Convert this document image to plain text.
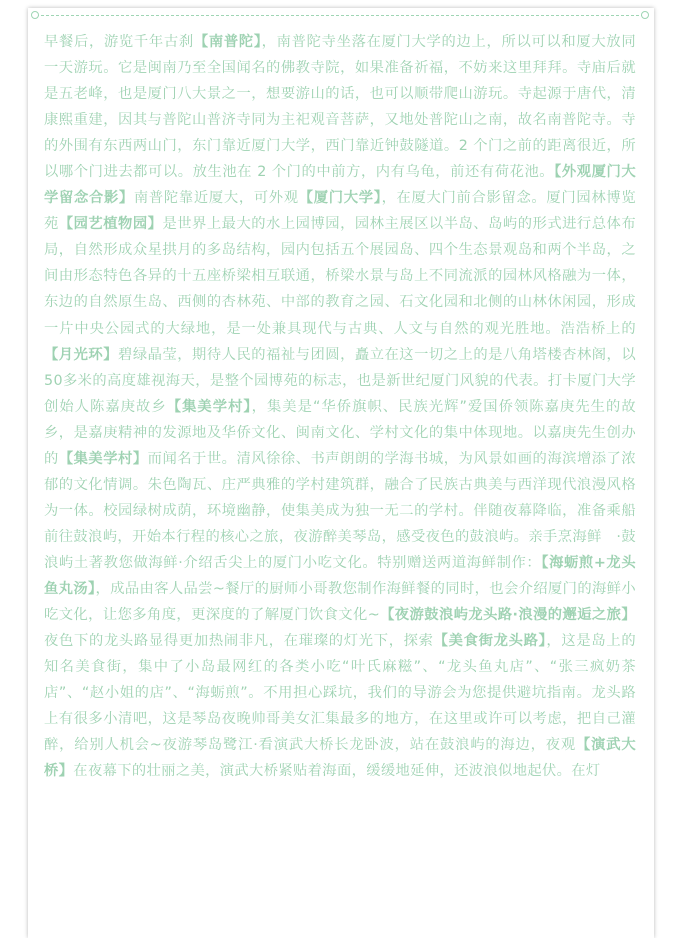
早餐后，游览千年古刹【南普陀】，南普陀寺坐落在厦门大学的边上，所以可以和厦大放同一天游玩。它是闽南乃至全国闻名的佛教寺院，如果准备祈福，不妨来这里拜拜。寺庙后就是五老峰，也是厦门八大景之一，想要游山的话，也可以顺带爬山游玩。寺起源于唐代，清康熙重建，因其与普陀山普济寺同为主祀观音菩萨，又地处普陀山之南，故名南普陀寺。寺的外围有东西两山门，东门靠近厦门大学，西门靠近钟鼓隧道。2 个门之前的距离很近，所以哪个门进去都可以。放生池在 2 个门的中前方，内有乌龟，前还有荷花池。【外观厦门大学留念合影】南普陀靠近厦大，可外观【厦门大学】，在厦大门前合影留念。厦门园林博览苑【园艺植物园】是世界上最大的水上园博园，园林主展区以半岛、岛屿的形式进行总体布局，自然形成众星拱月的多岛结构，园内包括五个展园岛、四个生态景观岛和两个半岛，之间由形态特色各异的十五座桥梁相互联通，桥梁水景与岛上不同流派的园林风格融为一体，东边的自然原生岛、西侧的杏林苑、中部的教育之园、石文化园和北侧的山林休闲园，形成一片中央公园式的大绿地，是一处兼具现代与古典、人文与自然的观光胜地。浩浩桥上的【月光环】碧绿晶莹，期待人民的福祉与团圆，矗立在这一切之上的是八角塔楼杏林阁，以50多米的高度雄视海天，是整个园博苑的标志，也是新世纪厦门风貌的代表。打卡厦门大学创始人陈嘉庚故乡【集美学村】，集美是“华侨旗帜、民族光辉”爱国侨领陈嘉庚先生的故乡，是嘉庚精神的发源地及华侨文化、闽南文化、学村文化的集中体现地。以嘉庚先生创办的【集美学村】而闻名于世。清风徐徐、书声朗朗的学海书城，为风景如画的海滨增添了浓郁的文化情调。朱色陶瓦、庄严典雅的学村建筑群，融合了民族古典美与西洋现代浪漫风格为一体。校园绿树成荫，环境幽静，使集美成为独一无二的学村。伴随夜幕降临，准备乘船前往鼓浪屿，开始本行程的核心之旅，夜游醉美琴岛，感受夜色的鼓浪屿。亲手烹海鲜　·鼓浪屿土著教您做海鲜·介绍舌尖上的厦门小吃文化。特别赠送两道海鲜制作：【海蛎煎+龙头鱼丸汤】，成品由客人品尝~餐厅的厨师小哥教您制作海鲜餐的同时，也会介绍厦门的海鲜小吃文化，让您多角度，更深度的了解厦门饮食文化~【夜游鼓浪屿龙头路·浪漫的邂逅之旅】夜色下的龙头路显得更加热闹非凡，在璀璨的灯光下，探索【美食街龙头路】，这是岛上的知名美食街，集中了小岛最网红的各类小吃“叶氏麻糍”、“龙头鱼丸店”、“张三疯奶茶店”、“赵小姐的店”、“海蛎煎”。不用担心踩坑，我们的导游会为您提供避坑指南。龙头路上有很多小清吧，这是琴岛夜晚帅哥美女汇集最多的地方，在这里或许可以考虑，把自己灌醉，给别人机会~夜游琴岛鹭江·看演武大桥长龙卧波，站在鼓浪屿的海边，夜观【演武大桥】在夜幕下的壮丽之美，演武大桥紧贴着海面，缓缓地延伸，还波浪似地起伏。在灯
